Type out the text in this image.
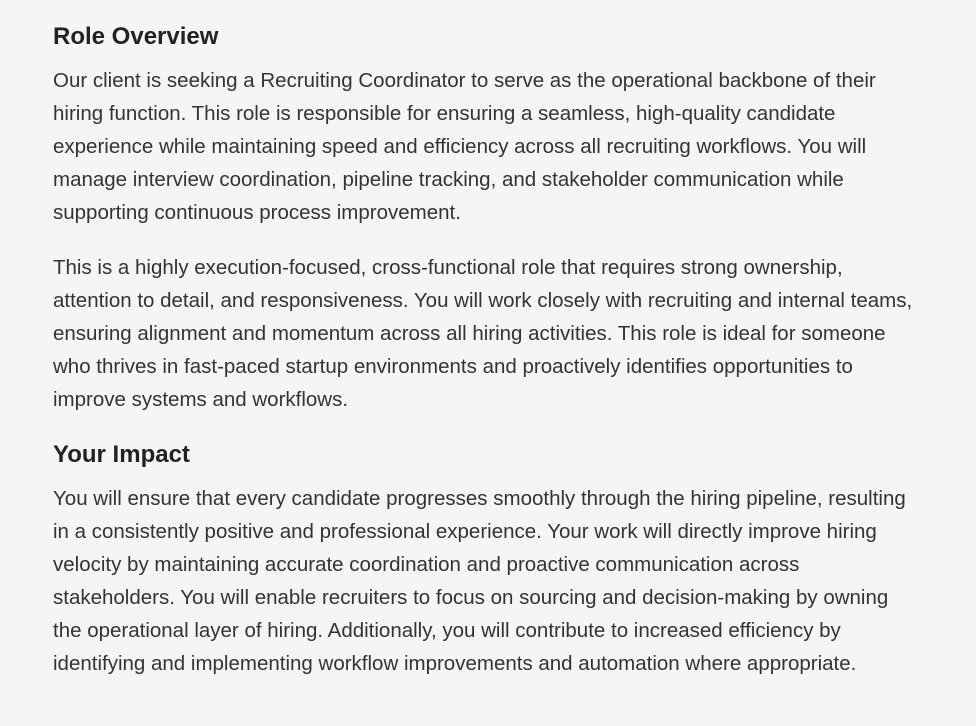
Role Overview

Our client is seeking a Recruiting Coordinator to serve as the operational backbone of their hiring function. This role is responsible for ensuring a seamless, high-quality candidate experience while maintaining speed and efficiency across all recruiting workflows. You will manage interview coordination, pipeline tracking, and stakeholder communication while supporting continuous process improvement.

This is a highly execution-focused, cross-functional role that requires strong ownership, attention to detail, and responsiveness. You will work closely with recruiting and internal teams, ensuring alignment and momentum across all hiring activities. This role is ideal for someone who thrives in fast-paced startup environments and proactively identifies opportunities to improve systems and workflows.

Your Impact

You will ensure that every candidate progresses smoothly through the hiring pipeline, resulting in a consistently positive and professional experience. Your work will directly improve hiring velocity by maintaining accurate coordination and proactive communication across stakeholders. You will enable recruiters to focus on sourcing and decision-making by owning the operational layer of hiring. Additionally, you will contribute to increased efficiency by identifying and implementing workflow improvements and automation where appropriate.
